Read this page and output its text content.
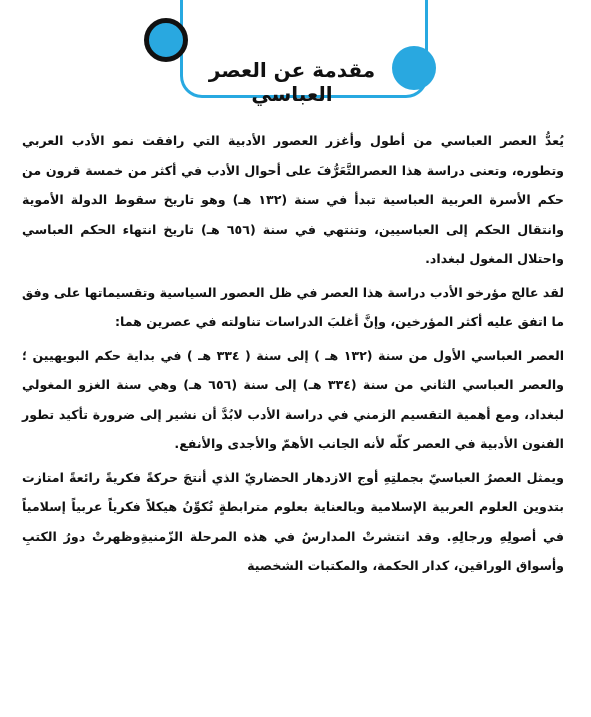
مقدمة عن العصر العباسي

يُعدُّ العصر العباسي من أطول وأغزر العصور الأدبية التي رافقت نمو الأدب العربي وتطوره، وتعنى دراسة هذا العصرالتَّعَرُّفَ على أحوال الأدب في أكثر من خمسة قرون من حكم الأسرة العربية العباسية تبدأ في سنة (١٣٢ هـ) وهو تاريخ سقوط الدولة الأموية وانتقال الحكم إلى العباسيين، وتنتهي في سنة (٦٥٦ هـ) تاريخ انتهاء الحكم العباسي واحتلال المغول لبغداد.

لقد عالج مؤرخو الأدب دراسة هذا العصر في ظل العصور السياسية وتقسيماتها على وفق ما اتفق عليه أكثر المؤرخين، وإنَّ أغلبَ الدراسات تناولته في عصرين هما:

العصر العباسي الأول من سنة (١٣٢ هـ ) إلى سنة ( ٣٣٤ هـ ) في بداية حكم البويهيين ؛ والعصر العباسي الثاني من سنة (٣٣٤ هـ) إلى سنة (٦٥٦ هـ) وهي سنة الغزو المغولي لبغداد، ومع أهمية التقسيم الزمني في دراسة الأدب لابُدَّ أن نشير إلى ضرورة تأكيد تطور الفنون الأدبية في العصر كلّه لأنه الجانب الأهمّ والأجدى والأنفع.

ويمثل العصرُ العباسيّ بجملتِهِ أوج الازدهار الحضاريّ الذي أنتجَ حركةً فكريةً رائعةً امتازت بتدوين العلوم العربية الإسلامية وبالعناية بعلوم مترابطةٍ تُكوِّنُ هيكلاً فكرياً عربياً إسلامياً في أصولِهِ ورجالِهِ. وقد انتشرتْ المدارسُ في هذه المرحلة الزّمنيةِوظهرتْ دورُ الكتبِ وأسواق الوراقين، كدار الحكمة، والمكتبات الشخصية
